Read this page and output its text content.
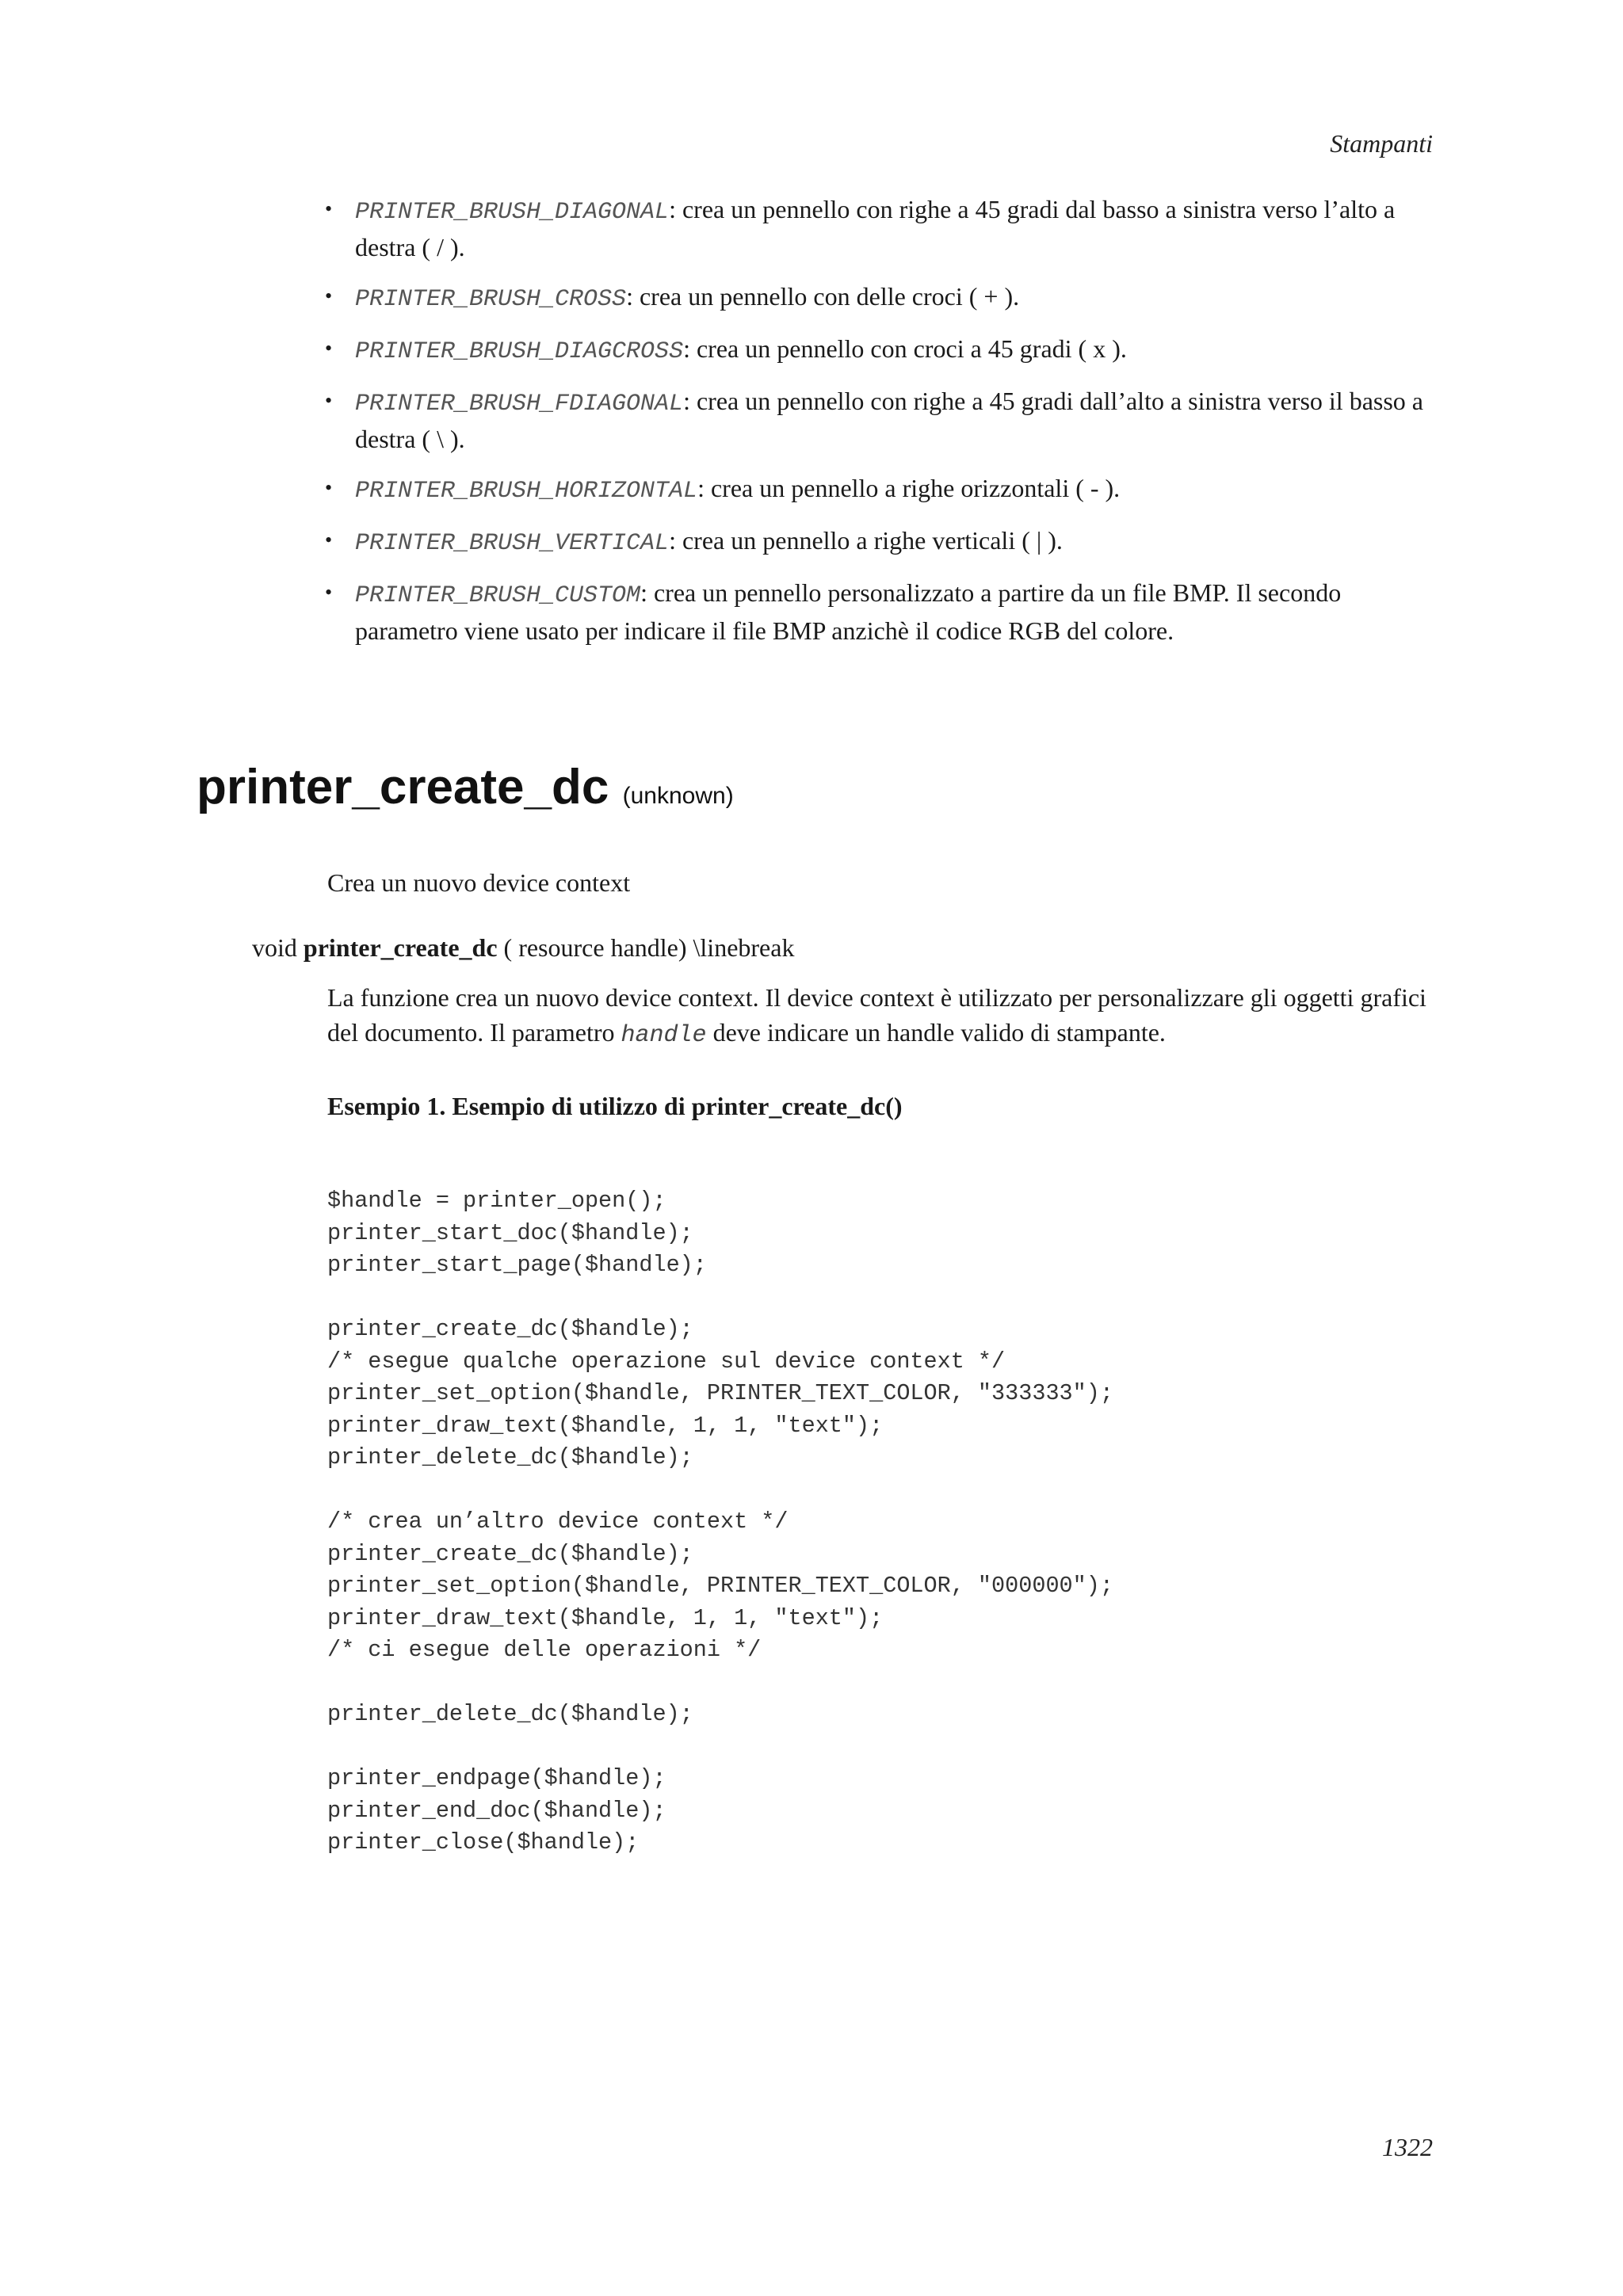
Stampanti
• PRINTER_BRUSH_DIAGONAL: crea un pennello con righe a 45 gradi dal basso a sinistra verso l’alto a destra ( / ).
• PRINTER_BRUSH_CROSS: crea un pennello con delle croci ( + ).
• PRINTER_BRUSH_DIAGCROSS: crea un pennello con croci a 45 gradi ( x ).
• PRINTER_BRUSH_FDIAGONAL: crea un pennello con righe a 45 gradi dall’alto a sinistra verso il basso a destra ( \ ).
• PRINTER_BRUSH_HORIZONTAL: crea un pennello a righe orizzontali ( - ).
• PRINTER_BRUSH_VERTICAL: crea un pennello a righe verticali ( | ).
• PRINTER_BRUSH_CUSTOM: crea un pennello personalizzato a partire da un file BMP. Il secondo parametro viene usato per indicare il file BMP anzichè il codice RGB del colore.
printer_create_dc (unknown)
Crea un nuovo device context
void printer_create_dc ( resource handle) \linebreak

La funzione crea un nuovo device context. Il device context è utilizzato per personalizzare gli oggetti grafici del documento. Il parametro handle deve indicare un handle valido di stampante.

Esempio 1. Esempio di utilizzo di printer_create_dc()
$handle = printer_open();
printer_start_doc($handle);
printer_start_page($handle);

printer_create_dc($handle);
/* esegue qualche operazione sul device context */
printer_set_option($handle, PRINTER_TEXT_COLOR, "333333");
printer_draw_text($handle, 1, 1, "text");
printer_delete_dc($handle);

/* crea un’altro device context */
printer_create_dc($handle);
printer_set_option($handle, PRINTER_TEXT_COLOR, "000000");
printer_draw_text($handle, 1, 1, "text");
/* ci esegue delle operazioni */

printer_delete_dc($handle);

printer_endpage($handle);
printer_end_doc($handle);
printer_close($handle);
1322
